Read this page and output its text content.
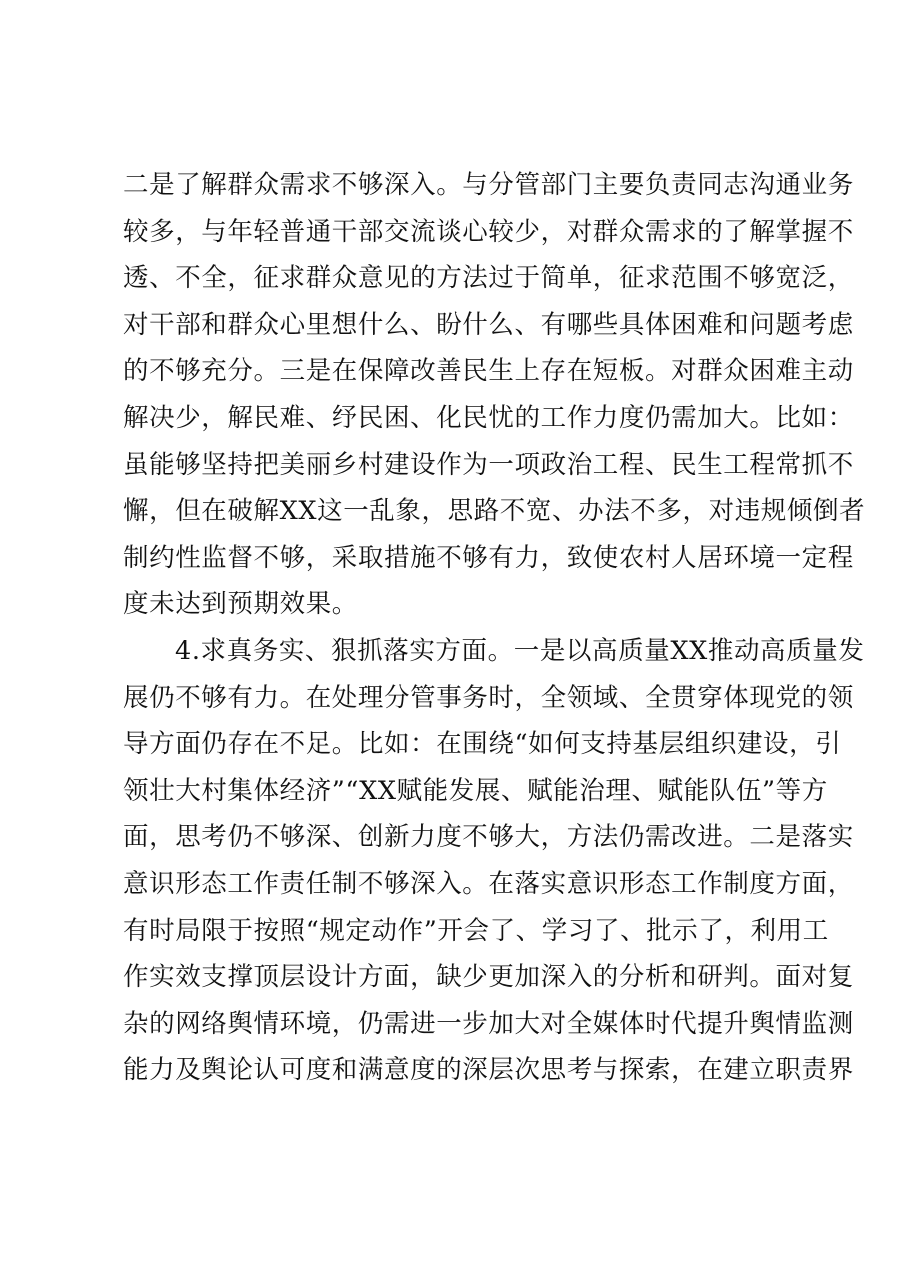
二是了解群众需求不够深入。与分管部门主要负责同志沟通业务
较多，与年轻普通干部交流谈心较少，对群众需求的了解掌握不
透、不全，征求群众意见的方法过于简单，征求范围不够宽泛，
对干部和群众心里想什么、盼什么、有哪些具体困难和问题考虑
的不够充分。三是在保障改善民生上存在短板。对群众困难主动
解决少，解民难、纾民困、化民忧的工作力度仍需加大。比如：
虽能够坚持把美丽乡村建设作为一项政治工程、民生工程常抓不
懈，但在破解XX这一乱象，思路不宽、办法不多，对违规倾倒者
制约性监督不够，采取措施不够有力，致使农村人居环境一定程
度未达到预期效果。
4.求真务实、狠抓落实方面。一是以高质量XX推动高质量发
展仍不够有力。在处理分管事务时，全领域、全贯穿体现党的领
导方面仍存在不足。比如：在围绕“如何支持基层组织建设，引
领壮大村集体经济”“XX赋能发展、赋能治理、赋能队伍”等方
面，思考仍不够深、创新力度不够大，方法仍需改进。二是落实
意识形态工作责任制不够深入。在落实意识形态工作制度方面，
有时局限于按照“规定动作”开会了、学习了、批示了，利用工
作实效支撑顶层设计方面，缺少更加深入的分析和研判。面对复
杂的网络舆情环境，仍需进一步加大对全媒体时代提升舆情监测
能力及舆论认可度和满意度的深层次思考与探索，在建立职责界
